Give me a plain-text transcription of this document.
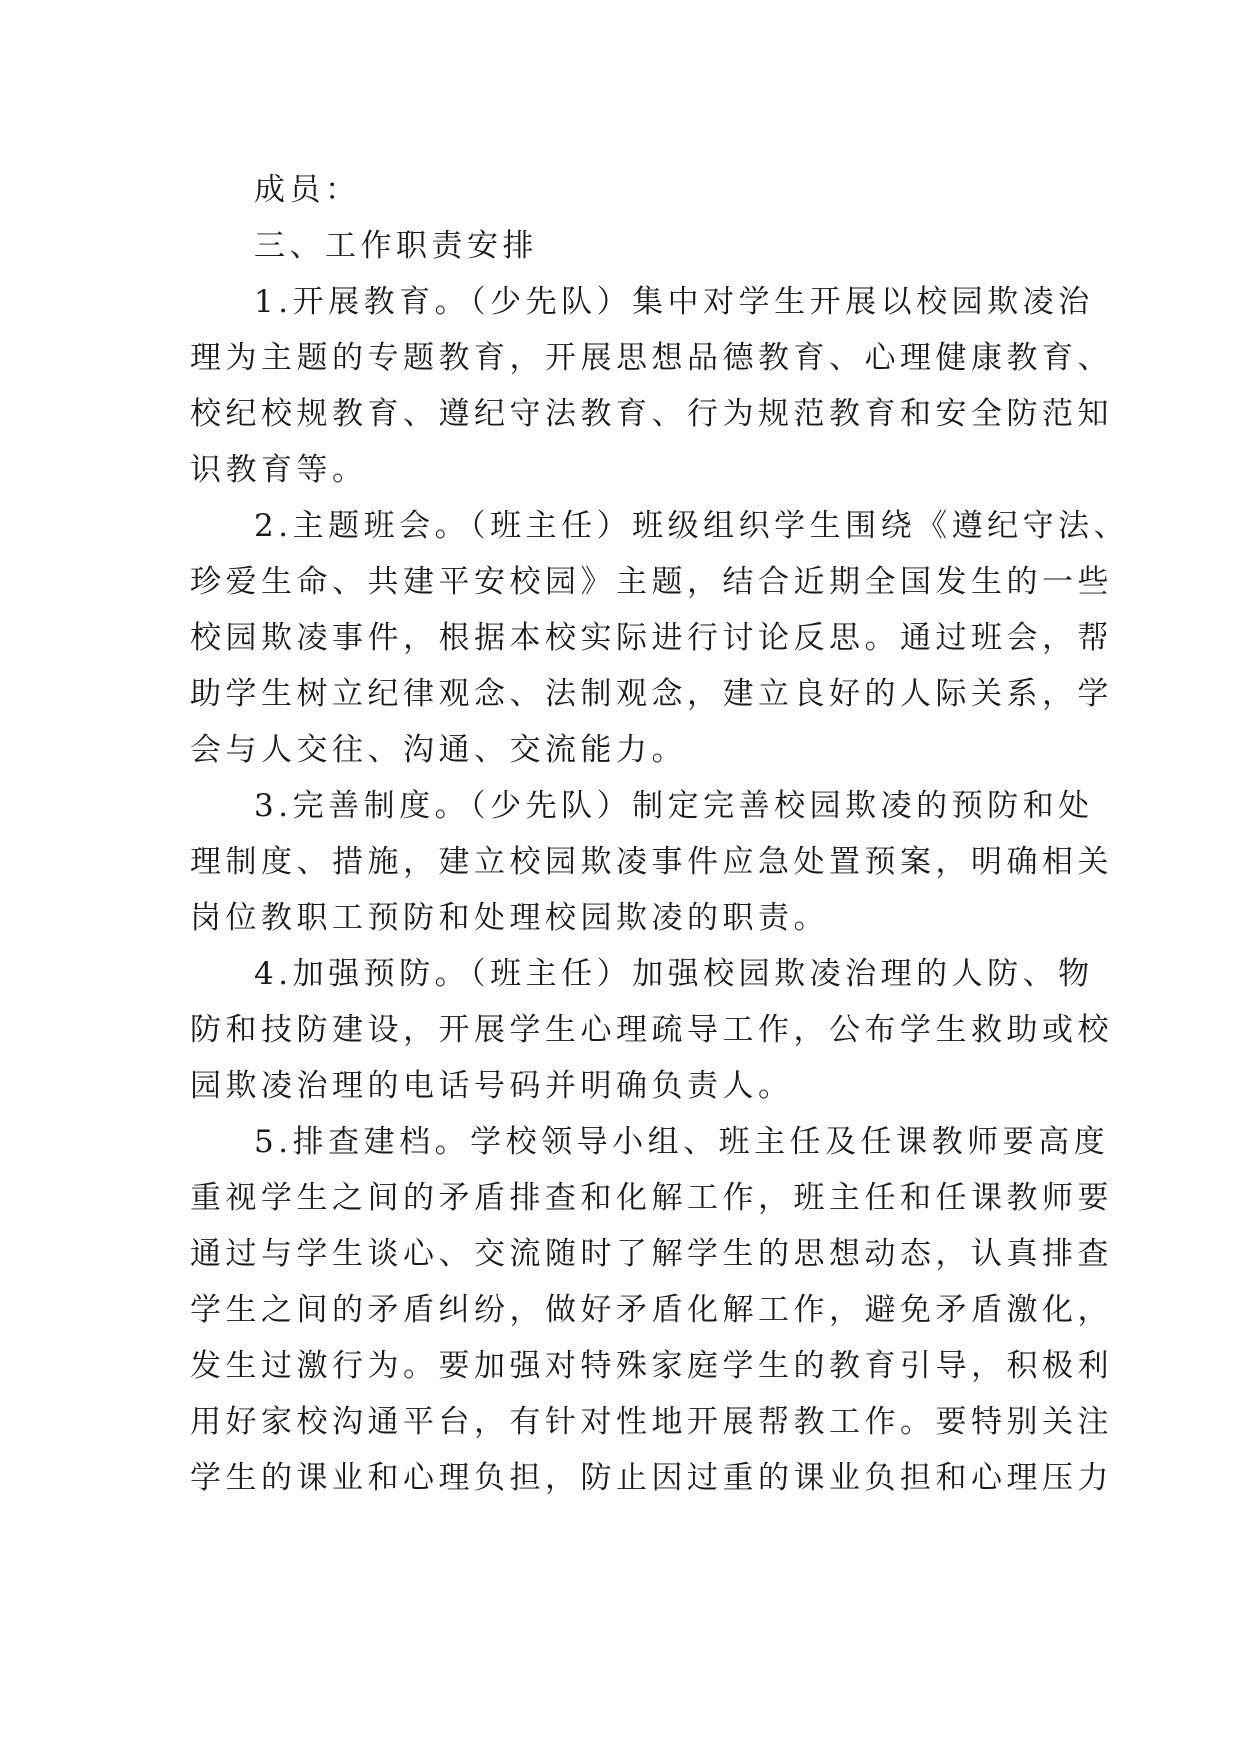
成员：
三、工作职责安排
1.开展教育。（少先队）集中对学生开展以校园欺凌治
理为主题的专题教育，开展思想品德教育、心理健康教育、
校纪校规教育、遵纪守法教育、行为规范教育和安全防范知
识教育等。
2.主题班会。（班主任）班级组织学生围绕《遵纪守法、
珍爱生命、共建平安校园》主题，结合近期全国发生的一些
校园欺凌事件，根据本校实际进行讨论反思。通过班会，帮
助学生树立纪律观念、法制观念，建立良好的人际关系，学
会与人交往、沟通、交流能力。
3.完善制度。（少先队）制定完善校园欺凌的预防和处
理制度、措施，建立校园欺凌事件应急处置预案，明确相关
岗位教职工预防和处理校园欺凌的职责。
4.加强预防。（班主任）加强校园欺凌治理的人防、物
防和技防建设，开展学生心理疏导工作，公布学生救助或校
园欺凌治理的电话号码并明确负责人。
5.排查建档。学校领导小组、班主任及任课教师要高度
重视学生之间的矛盾排查和化解工作，班主任和任课教师要
通过与学生谈心、交流随时了解学生的思想动态，认真排查
学生之间的矛盾纠纷，做好矛盾化解工作，避免矛盾激化，
发生过激行为。要加强对特殊家庭学生的教育引导，积极利
用好家校沟通平台，有针对性地开展帮教工作。要特别关注
学生的课业和心理负担，防止因过重的课业负担和心理压力
